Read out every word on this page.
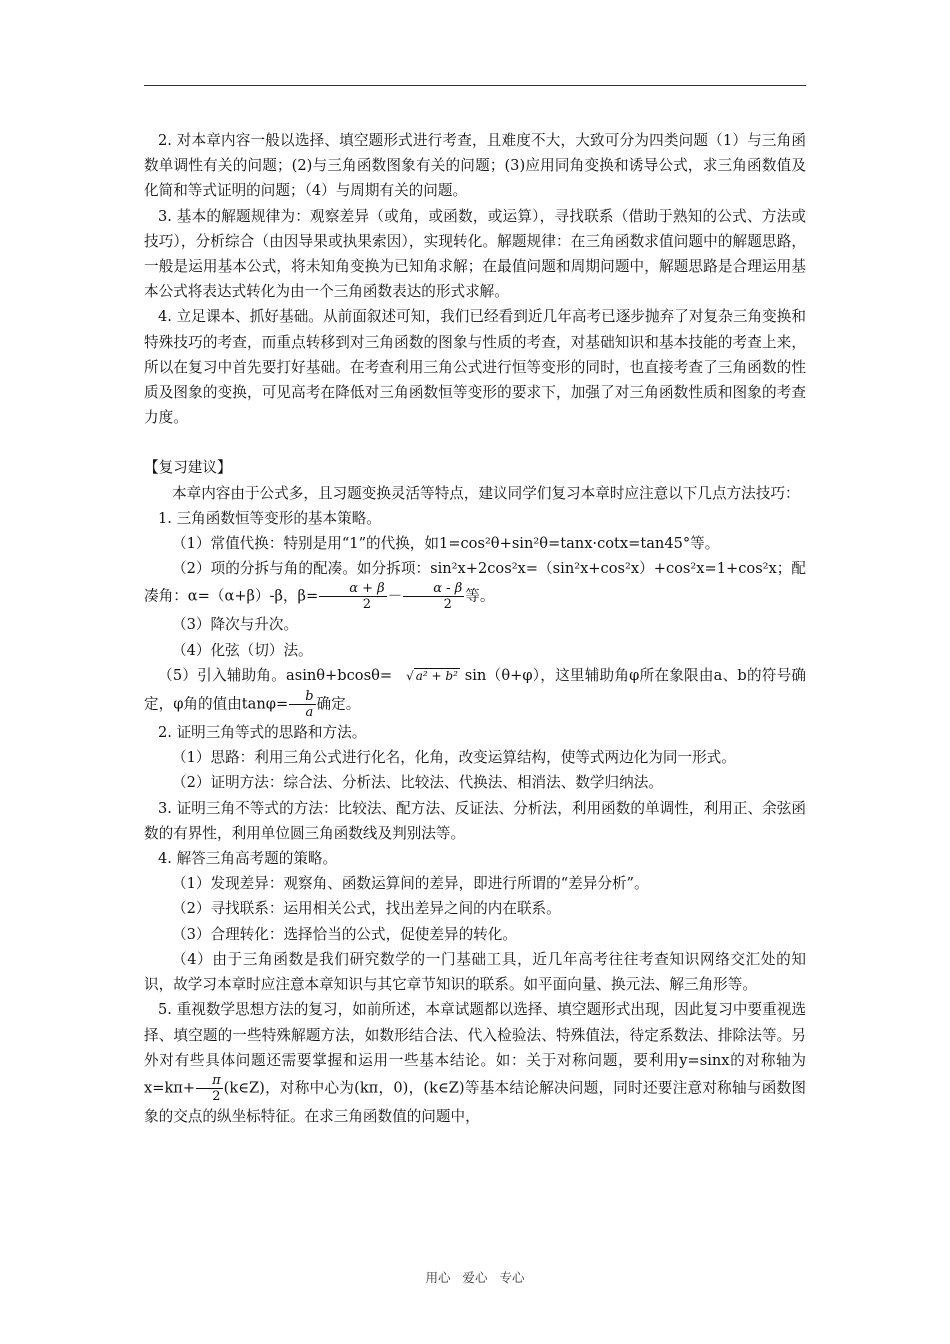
2. 对本章内容一般以选择、填空题形式进行考查，且难度不大，大致可分为四类问题（1）与三角函数单调性有关的问题；(2)与三角函数图象有关的问题；(3)应用同角变换和诱导公式，求三角函数值及化简和等式证明的问题；（4）与周期有关的问题。

3. 基本的解题规律为：观察差异（或角，或函数，或运算），寻找联系（借助于熟知的公式、方法或技巧），分析综合（由因导果或执果索因），实现转化。解题规律：在三角函数求值问题中的解题思路，一般是运用基本公式，将未知角变换为已知角求解；在最值问题和周期问题中，解题思路是合理运用基本公式将表达式转化为由一个三角函数表达的形式求解。

4. 立足课本、抓好基础。从前面叙述可知，我们已经看到近几年高考已逐步抛弃了对复杂三角变换和特殊技巧的考查，而重点转移到对三角函数的图象与性质的考查，对基础知识和基本技能的考查上来，所以在复习中首先要打好基础。在考查利用三角公式进行恒等变形的同时，也直接考查了三角函数的性质及图象的变换，可见高考在降低对三角函数恒等变形的要求下，加强了对三角函数性质和图象的考查力度。

【复习建议】

本章内容由于公式多，且习题变换灵活等特点，建议同学们复习本章时应注意以下几点方法技巧：

1. 三角函数恒等变形的基本策略。

（1）常值代换：特别是用“1”的代换，如1=cos²θ+sin²θ=tanx·cotx=tan45°等。

（2）项的分拆与角的配凑。如分拆项：sin²x+2cos²x=（sin²x+cos²x）+cos²x=1+cos²x；配凑角：α=（α+β）-β，$\beta= \frac{\alpha + \beta}{2} - \frac{\alpha - \beta}{2}$ 等。

（3）降次与升次。

（4）化弦（切）法。

（5）引入辅助角。asinθ+bcosθ= √ a² + b² sin（θ+φ），这里辅助角φ所在象限由a、b的符号确定，φ角的值由$\tan\varphi= \frac{b}{a}$ 确定。

2. 证明三角等式的思路和方法。

（1）思路：利用三角公式进行化名，化角，改变运算结构，使等式两边化为同一形式。

（2）证明方法：综合法、分析法、比较法、代换法、相消法、数学归纳法。

3. 证明三角不等式的方法：比较法、配方法、反证法、分析法，利用函数的单调性，利用正、余弦函数的有界性，利用单位圆三角函数线及判别法等。

4. 解答三角高考题的策略。

（1）发现差异：观察角、函数运算间的差异，即进行所谓的“差异分析”。

（2）寻找联系：运用相关公式，找出差异之间的内在联系。

（3）合理转化：选择恰当的公式，促使差异的转化。

（4）由于三角函数是我们研究数学的一门基础工具，近几年高考往往考查知识网络交汇处的知识，故学习本章时应注意本章知识与其它章节知识的联系。如平面向量、换元法、解三角形等。

5. 重视数学思想方法的复习，如前所述，本章试题都以选择、填空题形式出现，因此复习中要重视选择、填空题的一些特殊解题方法，如数形结合法、代入检验法、特殊值法，待定系数法、排除法等。另外对有些具体问题还需要掌握和运用一些基本结论。如：关于对称问题，要利用y=sinx的对称轴为$x=k\pi+ \frac{\pi}{2}$ (k∈Z)，对称中心为(kπ，0)，(k∈Z)等基本结论解决问题，同时还要注意对称轴与函数图象的交点的纵坐标特征。在求三角函数值的问题中，

用心 爱心 专心
